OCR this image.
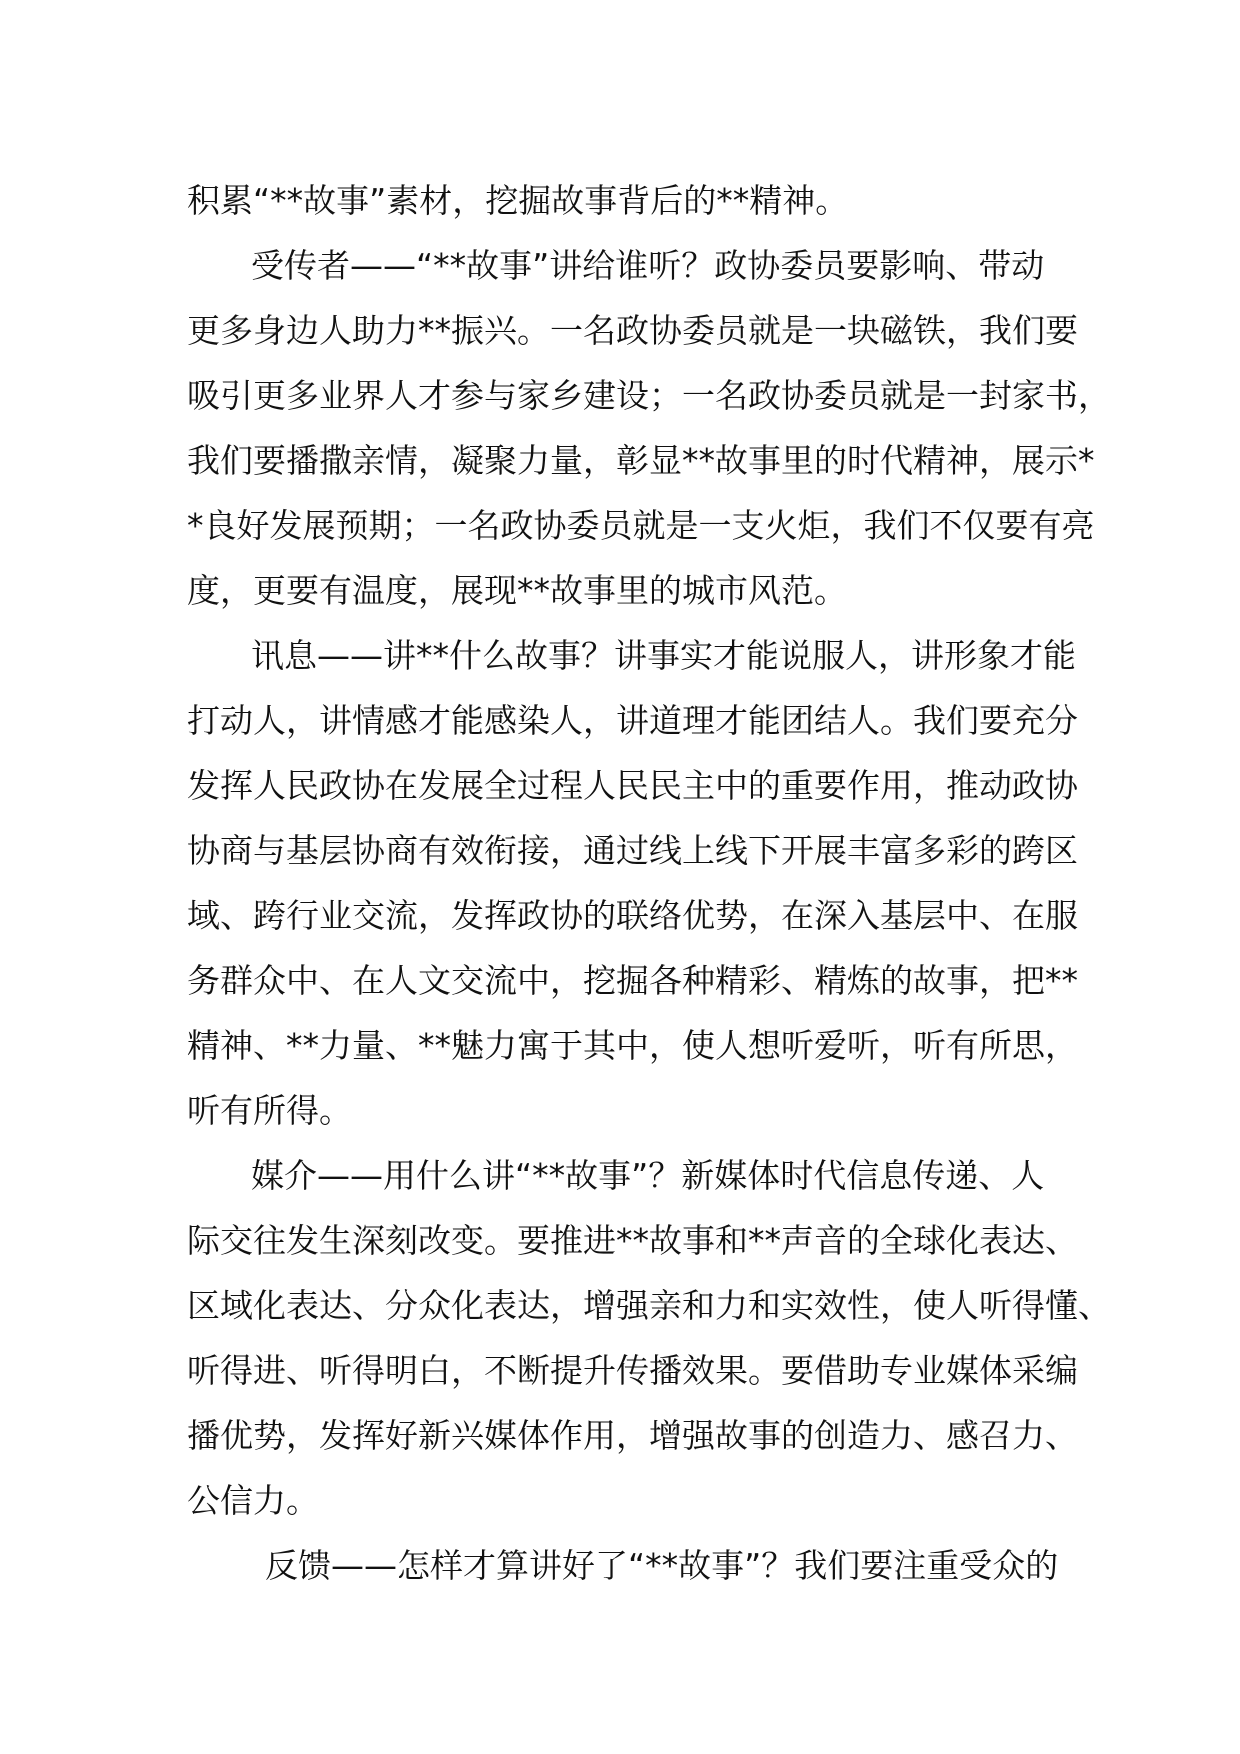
积累“**故事”素材，挖掘故事背后的**精神。
受传者——“**故事”讲给谁听？政协委员要影响、带动
更多身边人助力**振兴。一名政协委员就是一块磁铁，我们要
吸引更多业界人才参与家乡建设；一名政协委员就是一封家书，
我们要播撒亲情，凝聚力量，彰显**故事里的时代精神，展示*
*良好发展预期；一名政协委员就是一支火炬，我们不仅要有亮
度，更要有温度，展现**故事里的城市风范。
讯息——讲**什么故事？讲事实才能说服人，讲形象才能
打动人，讲情感才能感染人，讲道理才能团结人。我们要充分
发挥人民政协在发展全过程人民民主中的重要作用，推动政协
协商与基层协商有效衔接，通过线上线下开展丰富多彩的跨区
域、跨行业交流，发挥政协的联络优势，在深入基层中、在服
务群众中、在人文交流中，挖掘各种精彩、精炼的故事，把**
精神、**力量、**魅力寓于其中，使人想听爱听，听有所思，
听有所得。
媒介——用什么讲“**故事”？新媒体时代信息传递、人
际交往发生深刻改变。要推进**故事和**声音的全球化表达、
区域化表达、分众化表达，增强亲和力和实效性，使人听得懂、
听得进、听得明白，不断提升传播效果。要借助专业媒体采编
播优势，发挥好新兴媒体作用，增强故事的创造力、感召力、
公信力。
反馈——怎样才算讲好了“**故事”？我们要注重受众的
